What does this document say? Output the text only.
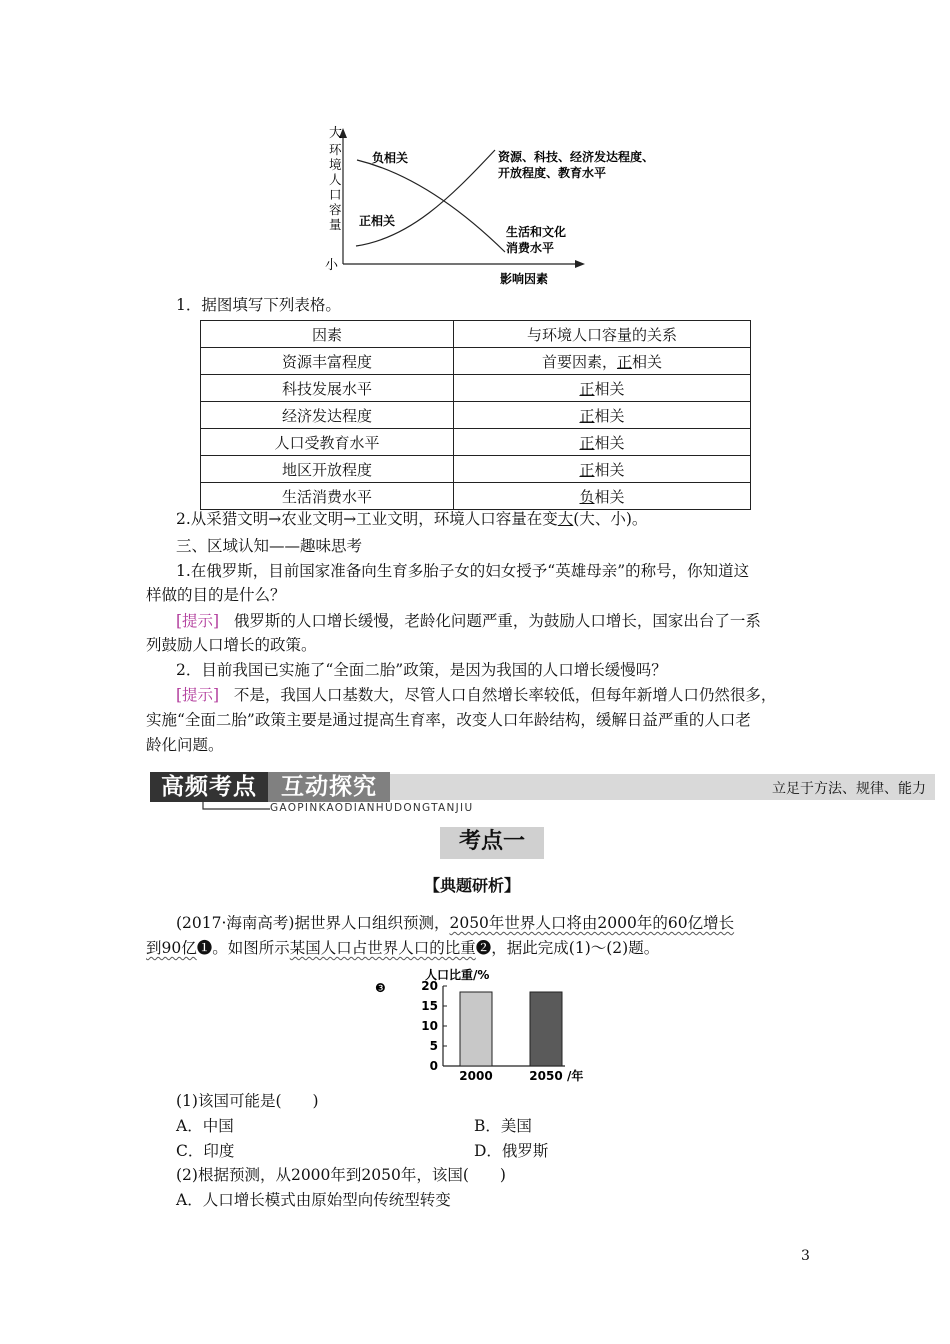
大
小
环境人口容量
影响因素
负相关
正相关
资源、科技、经济发达程度、
开放程度、教育水平
生活和文化
消费水平
1．据图填写下列表格。
因素	与环境人口容量的关系
资源丰富程度	首要因素，正相关
科技发展水平	正相关
经济发达程度	正相关
人口受教育水平	正相关
地区开放程度	正相关
生活消费水平	负相关
2.从采猎文明→农业文明→工业文明，环境人口容量在变大(大、小)。
三、区域认知——趣味思考
1.在俄罗斯，目前国家准备向生育多胎子女的妇女授予“英雄母亲”的称号，你知道这
样做的目的是什么？
[提示] 俄罗斯的人口增长缓慢，老龄化问题严重，为鼓励人口增长，国家出台了一系
列鼓励人口增长的政策。
2．目前我国已实施了“全面二胎”政策，是因为我国的人口增长缓慢吗？
[提示] 不是，我国人口基数大，尽管人口自然增长率较低，但每年新增人口仍然很多，
实施“全面二胎”政策主要是通过提高生育率，改变人口年龄结构，缓解日益严重的人口老
龄化问题。
高频考点	互动探究	立足于方法、规律、能力
GAOPINKAODIANHUDONGTANJIU
考点一
【典题研析】
(2017·海南高考)据世界人口组织预测，2050年世界人口将由2000年的60亿增长
到90亿❶。如图所示某国人口占世界人口的比重❷，据此完成(1)～(2)题。
人口比重/%
❸
0
5
10
15
20
2000	2050 /年
(1)该国可能是(　　)
A．中国	B．美国
C．印度	D．俄罗斯
(2)根据预测，从2000年到2050年，该国(　　)
A．人口增长模式由原始型向传统型转变
3
